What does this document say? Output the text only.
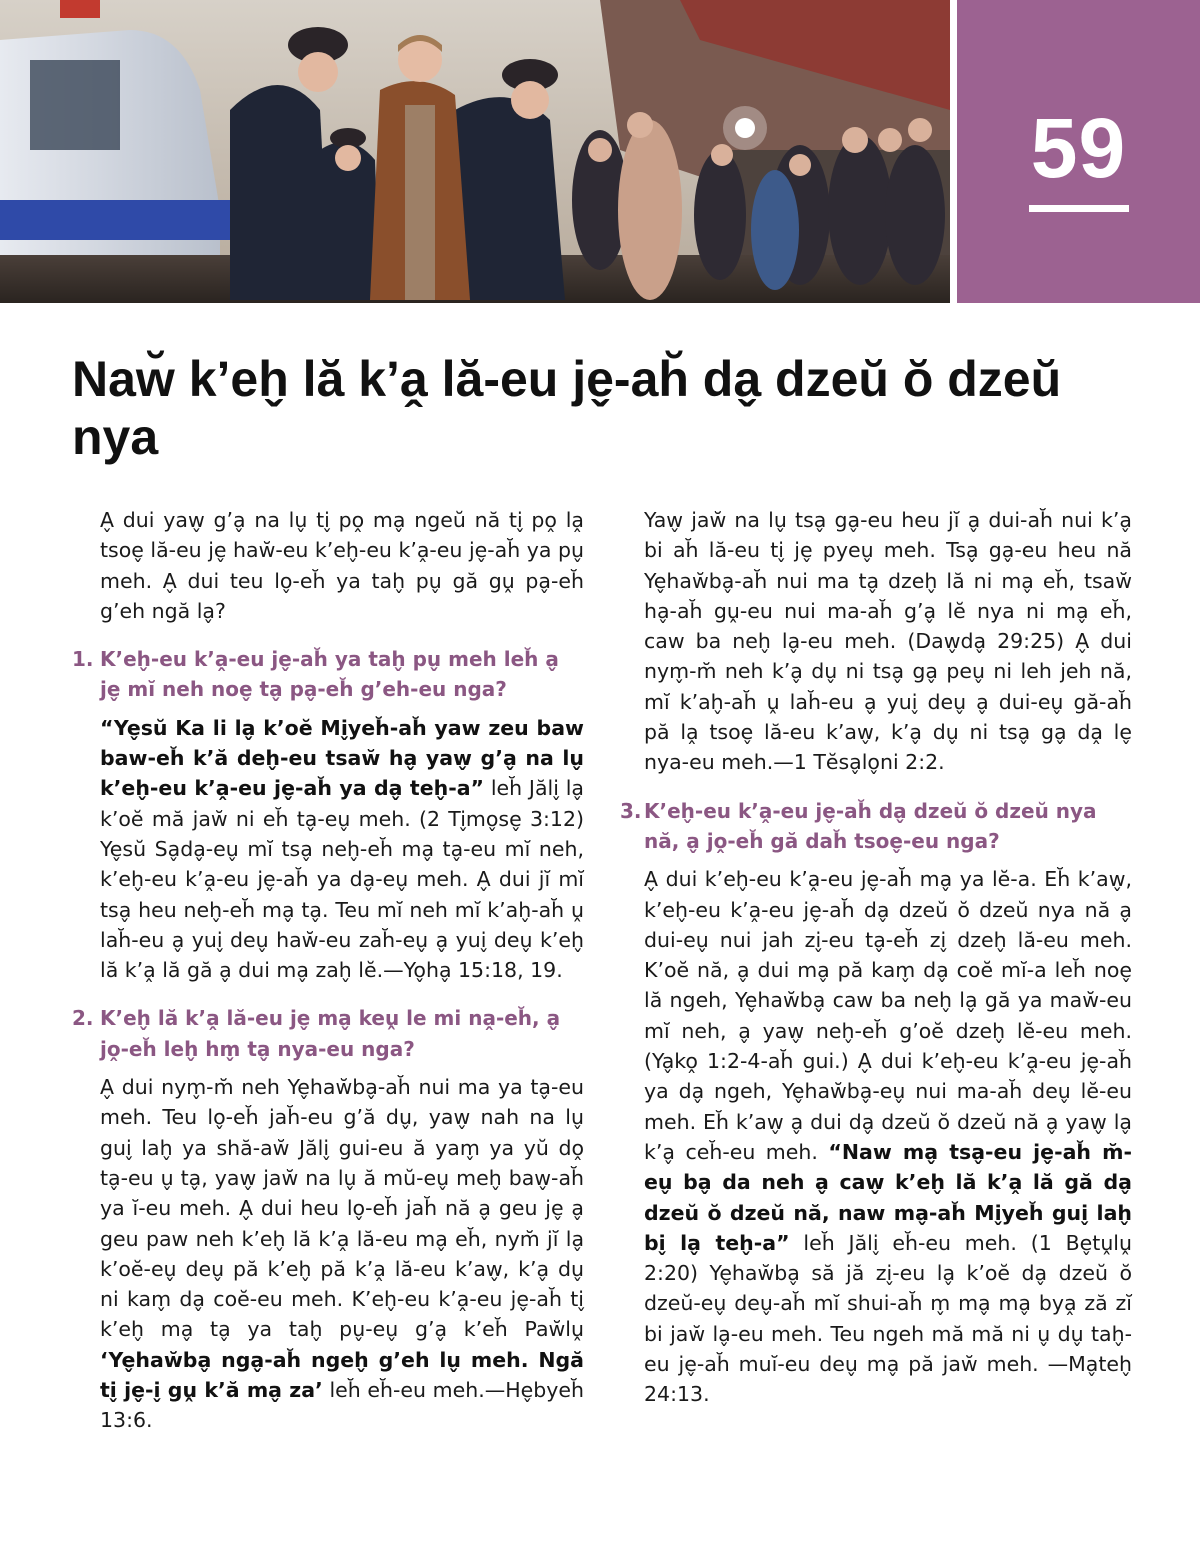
59
Naw̆ k’eh̬ lă k’a̭ lă-eu je̬-ah̆ da̬ dzeŭ ŏ dzeŭ nya

A̬ dui yaw̬ g’a̬ na lu̬ ti̬ po̭ ma̬ ngeŭ nă ti̬ po̭ la̭ tsoe̬ lă-eu je̬ haw̆-eu k’eh̬-eu k’a̭-eu je̬-ah̆ ya pu̬ meh. A̬ dui teu lo̬-eh̆ ya tah̬ pu̬ gă gṷ pa̬-eh̆ g’eh ngă la̬?

1. K’eh̬-eu k’a̭-eu je̬-ah̆ ya tah̬ pu̬ meh leh̆ a̬ je̬ mĭ neh noe̬ ta̬ pa̬-eh̆ g’eh-eu nga?

“Ye̬sŭ Ka li la̬ k’oĕ Mi̬yeh̆-ah̆ yaw zeu baw baw-eh̆ k’ă deh̬-eu tsaw̆ ha̬ yaw̬ g’a̬ na lu̬ k’eh̬-eu k’a̭-eu je̬-ah̆ ya da̬ teh̬-a” leh̆ Jăli̬ la̬ k’oĕ mă jaw̆ ni eh̆ ta̬-eu̬ meh. (2 Ti̬mo̬se̬ 3:12) Ye̬sŭ Sa̬da̬-eu̬ mĭ tsa̬ neh̬-eh̆ ma̬ ta̬-eu mĭ neh, k’eh̬-eu k’a̭-eu je̬-ah̆ ya da̬-eu̬ meh. A̬ dui jĭ mĭ tsa̬ heu neh̬-eh̆ ma̬ ta̬. Teu mĭ neh mĭ k’ah̬-ah̆ ṷ lah̆-eu a̬ yui̬ deu̬ haw̆-eu zah̆-eu̬ a̬ yui̬ deu̬ k’eh̬ lă k’a̭ lă gă a̬ dui ma̬ zah̬ lĕ.—Yo̬ha̬ 15:18, 19.

2. K’eh̬ lă k’a̭ lă-eu je̬ ma̬ keṷ le mi na̭-eh̆, a̬ jo̭-eh̆ leh̬ hm̬ ta̬ nya-eu nga?

A̬ dui nym̬-m̆ neh Ye̬haw̆ba̬-ah̆ nui ma ya ta̬-eu meh. Teu lo̬-eh̆ jah̆-eu g’ă du̬, yaw̬ nah na lu̬ gui̬ lah̬ ya shă-aw̆ Jăli̬ gui-eu ă yam̬ ya yŭ do̭ ta̬-eu u̬ ta̬, yaw̬ jaw̆ na lu̬ ă mŭ-eu̬ meh̬ baw̬-ah̆ ya ĭ-eu meh. A̬ dui heu lo̬-eh̆ jah̆ nă a̬ geu je̬ a̬ geu paw neh k’eh̬ lă k’a̭ lă-eu ma̬ eh̆, nym̆ jĭ la̬ k’oĕ-eu̬ deu̬ pă k’eh̬ pă k’a̭ lă-eu k’aw̬, k’a̬ du̬ ni kam̬ da̬ coĕ-eu meh. K’eh̬-eu k’a̭-eu je̬-ah̆ ti̬ k’eh̬ ma̬ ta̬ ya tah̬ pu̬-eu̬ g’a̬ k’eh̆ Paw̆lṷ ‘Ye̬haw̆ba̬ nga̬-ah̆ ngeh̬ g’eh lu̬ meh. Ngă ti̬ je̬-i̬ gṷ k’ă ma̬ za’ leh̆ eh̆-eu meh.—He̬byeh̆ 13:6.

Yaw̬ jaw̆ na lu̬ tsa̬ ga̬-eu heu jĭ a̬ dui-ah̆ nui k’a̬ bi ah̆ lă-eu ti̬ je̬ pyeu̬ meh. Tsa̬ ga̬-eu heu nă Ye̬haw̆ba̬-ah̆ nui ma ta̬ dzeh̬ lă ni ma̬ eh̆, tsaw̆ ha̬-ah̆ gṷ-eu nui ma-ah̆ g’a̬ lĕ nya ni ma̬ eh̆, caw ba neh̬ la̬-eu meh. (Daw̬da̬ 29:25) A̬ dui nym̬-m̆ neh k’a̬ du̬ ni tsa̬ ga̬ peu̬ ni leh jeh nă, mĭ k’ah̬-ah̆ ṷ lah̆-eu a̬ yui̬ deu̬ a̬ dui-eu̬ gă-ah̆ pă la̭ tsoe̬ lă-eu k’aw̬, k’a̬ du̬ ni tsa̬ ga̬ da̭ le̬ nya-eu meh.—1 Tĕsa̬lo̬ni 2:2.

3. K’eh̬-eu k’a̭-eu je̬-ah̆ da̬ dzeŭ ŏ dzeŭ nya nă, a̬ jo̭-eh̆ gă dah̆ tsoe̬-eu nga?

A̬ dui k’eh̬-eu k’a̭-eu je̬-ah̆ ma̬ ya lĕ-a. Eh̆ k’aw̬, k’eh̬-eu k’a̭-eu je̬-ah̆ da̬ dzeŭ ŏ dzeŭ nya nă a̬ dui-eu̬ nui jah zi̬-eu ta̬-eh̆ zi̬ dzeh̬ lă-eu meh. K’oĕ nă, a̬ dui ma̬ pă kam̬ da̬ coĕ mĭ-a leh̆ noe̬ lă ngeh, Ye̬haw̆ba̬ caw ba neh̬ la̬ gă ya maw̆-eu mĭ neh, a̬ yaw̬ neh̬-eh̆ g’oĕ dzeh̬ lĕ-eu meh. (Ya̬ko̭ 1:2-4-ah̆ gui.) A̬ dui k’eh̬-eu k’a̭-eu je̬-ah̆ ya da̬ ngeh, Ye̬haw̆ba̬-eu̬ nui ma-ah̆ deu̬ lĕ-eu meh. Eh̆ k’aw̬ a̬ dui da̬ dzeŭ ŏ dzeŭ nă a̬ yaw̬ la̬ k’a̬ ceh̆-eu meh. “Naw ma̬ tsa̬-eu je̬-ah̆ m̆-eu̬ ba̬ da neh a̬ caw̬ k’eh̬ lă k’a̭ lă gă da̬ dzeŭ ŏ dzeŭ nă, naw ma̬-ah̆ Mi̬yeh̆ gui̬ lah̬ bi̬ la̬ teh̬-a” leh̆ Jăli̬ eh̆-eu meh. (1 Be̬tṷlṷ 2:20) Ye̬haw̆ba̬ să jă zi̬-eu la̬ k’oĕ da̬ dzeŭ ŏ dzeŭ-eu̬ deu̬-ah̆ mĭ shui-ah̆ m̬ ma̬ ma̬ bya̭ ză zĭ bi jaw̆ la̬-eu meh. Teu ngeh mă mă ni u̬ du̬ tah̬-eu je̬-ah̆ muĭ-eu deu̬ ma̬ pă jaw̆ meh. —Ma̬teh̬ 24:13.
